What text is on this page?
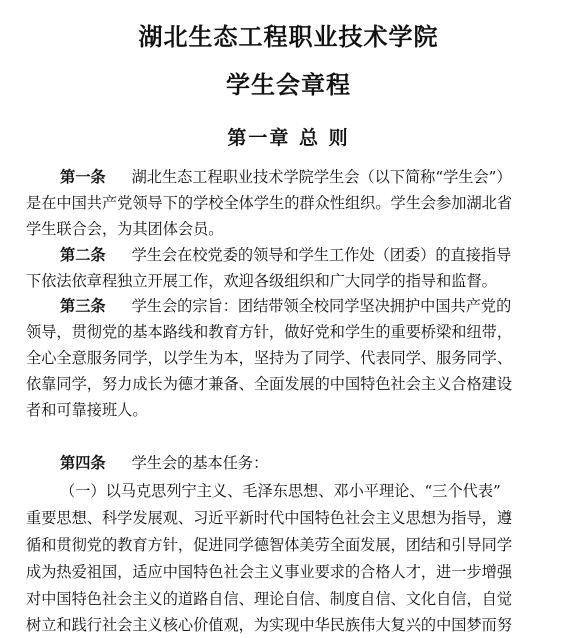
湖北生态工程职业技术学院
学生会章程
第一章 总 则
第一条 湖北生态工程职业技术学院学生会（以下简称“学生会”）
是在中国共产党领导下的学校全体学生的群众性组织。学生会参加湖北省
学生联合会，为其团体会员。
第二条 学生会在校党委的领导和学生工作处（团委）的直接指导
下依法依章程独立开展工作，欢迎各级组织和广大同学的指导和监督。
第三条 学生会的宗旨：团结带领全校同学坚决拥护中国共产党的
领导，贯彻党的基本路线和教育方针，做好党和学生的重要桥梁和纽带，
全心全意服务同学，以学生为本，坚持为了同学、代表同学、服务同学、
依靠同学，努力成长为德才兼备、全面发展的中国特色社会主义合格建设
者和可靠接班人。
第四条 学生会的基本任务：
（一）以马克思列宁主义、毛泽东思想、邓小平理论、“三个代表”
重要思想、科学发展观、习近平新时代中国特色社会主义思想为指导，遵
循和贯彻党的教育方针，促进同学德智体美劳全面发展，团结和引导同学
成为热爱祖国，适应中国特色社会主义事业要求的合格人才，进一步增强
对中国特色社会主义的道路自信、理论自信、制度自信、文化自信，自觉
树立和践行社会主义核心价值观，为实现中华民族伟大复兴的中国梦而努
